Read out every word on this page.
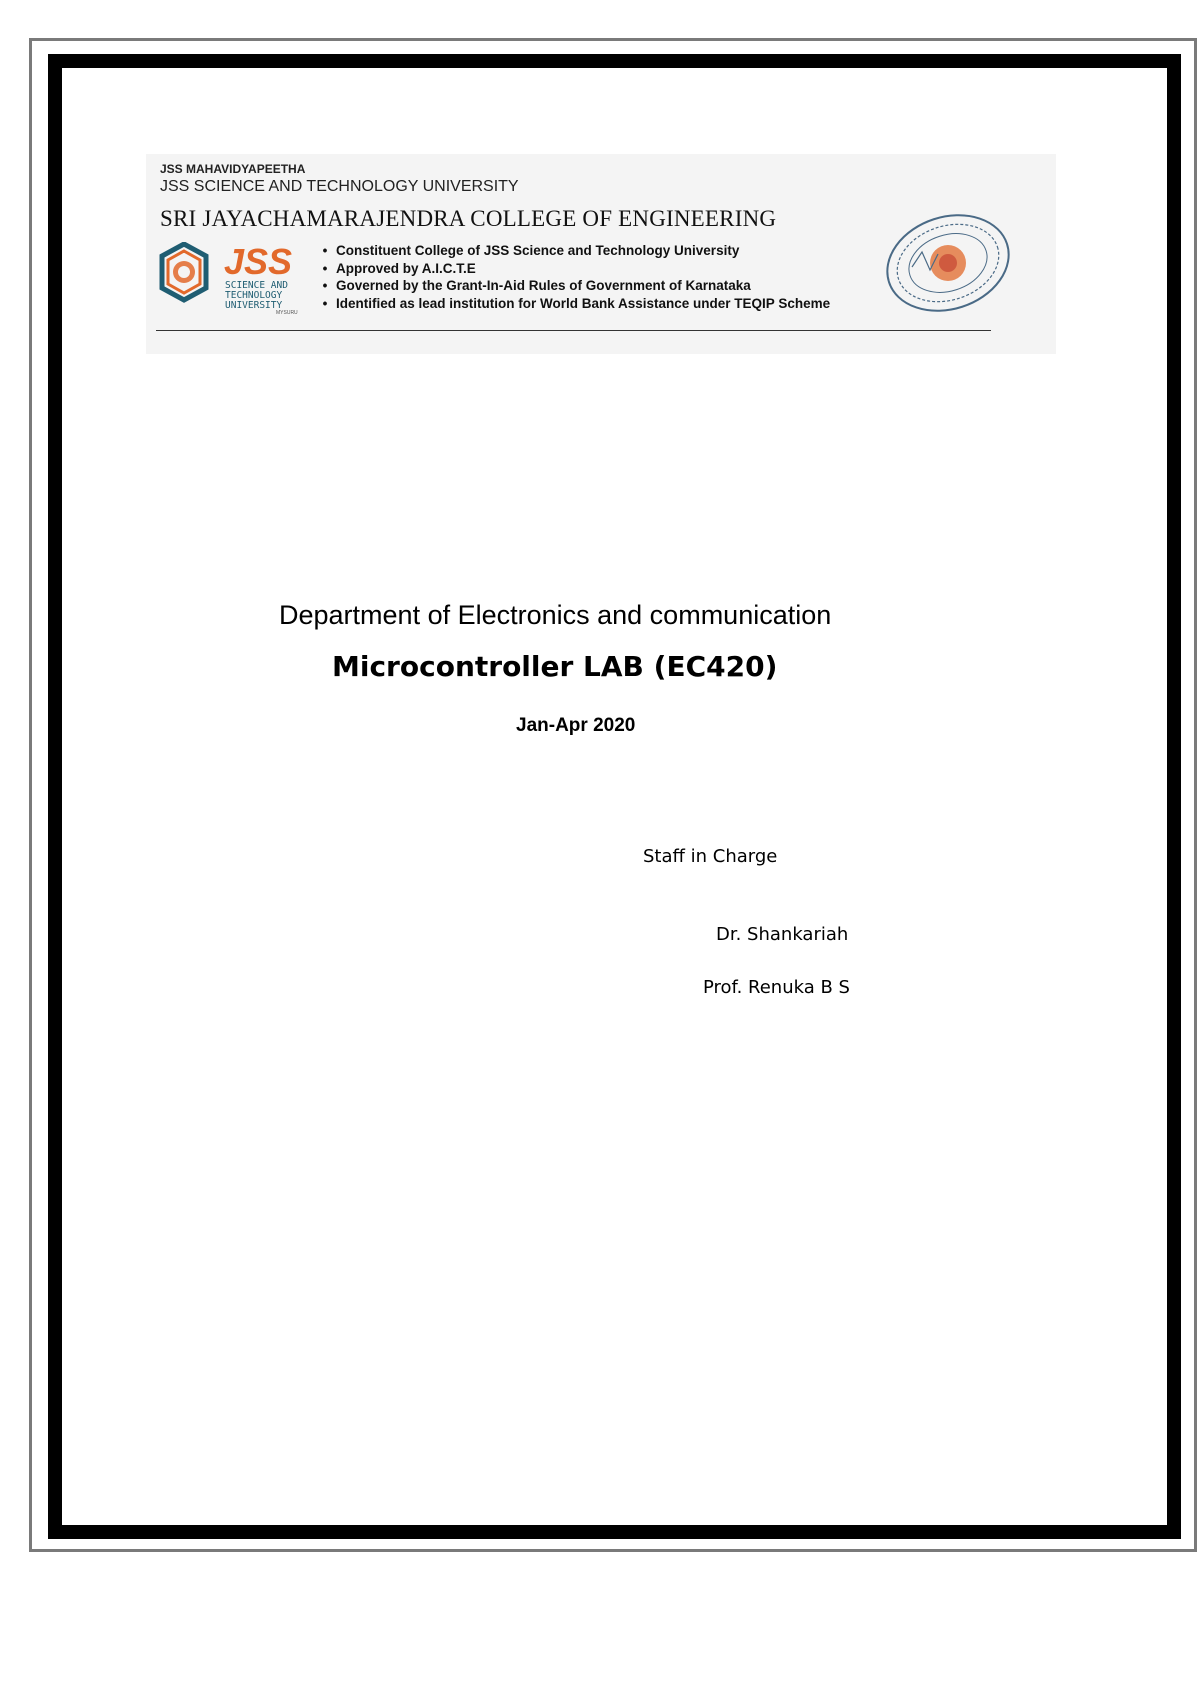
JSS MAHAVIDYAPEETHA
JSS SCIENCE AND TECHNOLOGY UNIVERSITY
SRI JAYACHAMARAJENDRA COLLEGE OF ENGINEERING
JSS
SCIENCE AND
TECHNOLOGY
UNIVERSITY
MYSURU
• Constituent College of JSS Science and Technology University
• Approved by A.I.C.T.E
• Governed by the Grant-In-Aid Rules of Government of Karnataka
• Identified as lead institution for World Bank Assistance under TEQIP Scheme
Department of Electronics and communication
Microcontroller LAB (EC420)
Jan-Apr 2020
Staff in Charge
Dr. Shankariah
Prof. Renuka B S
